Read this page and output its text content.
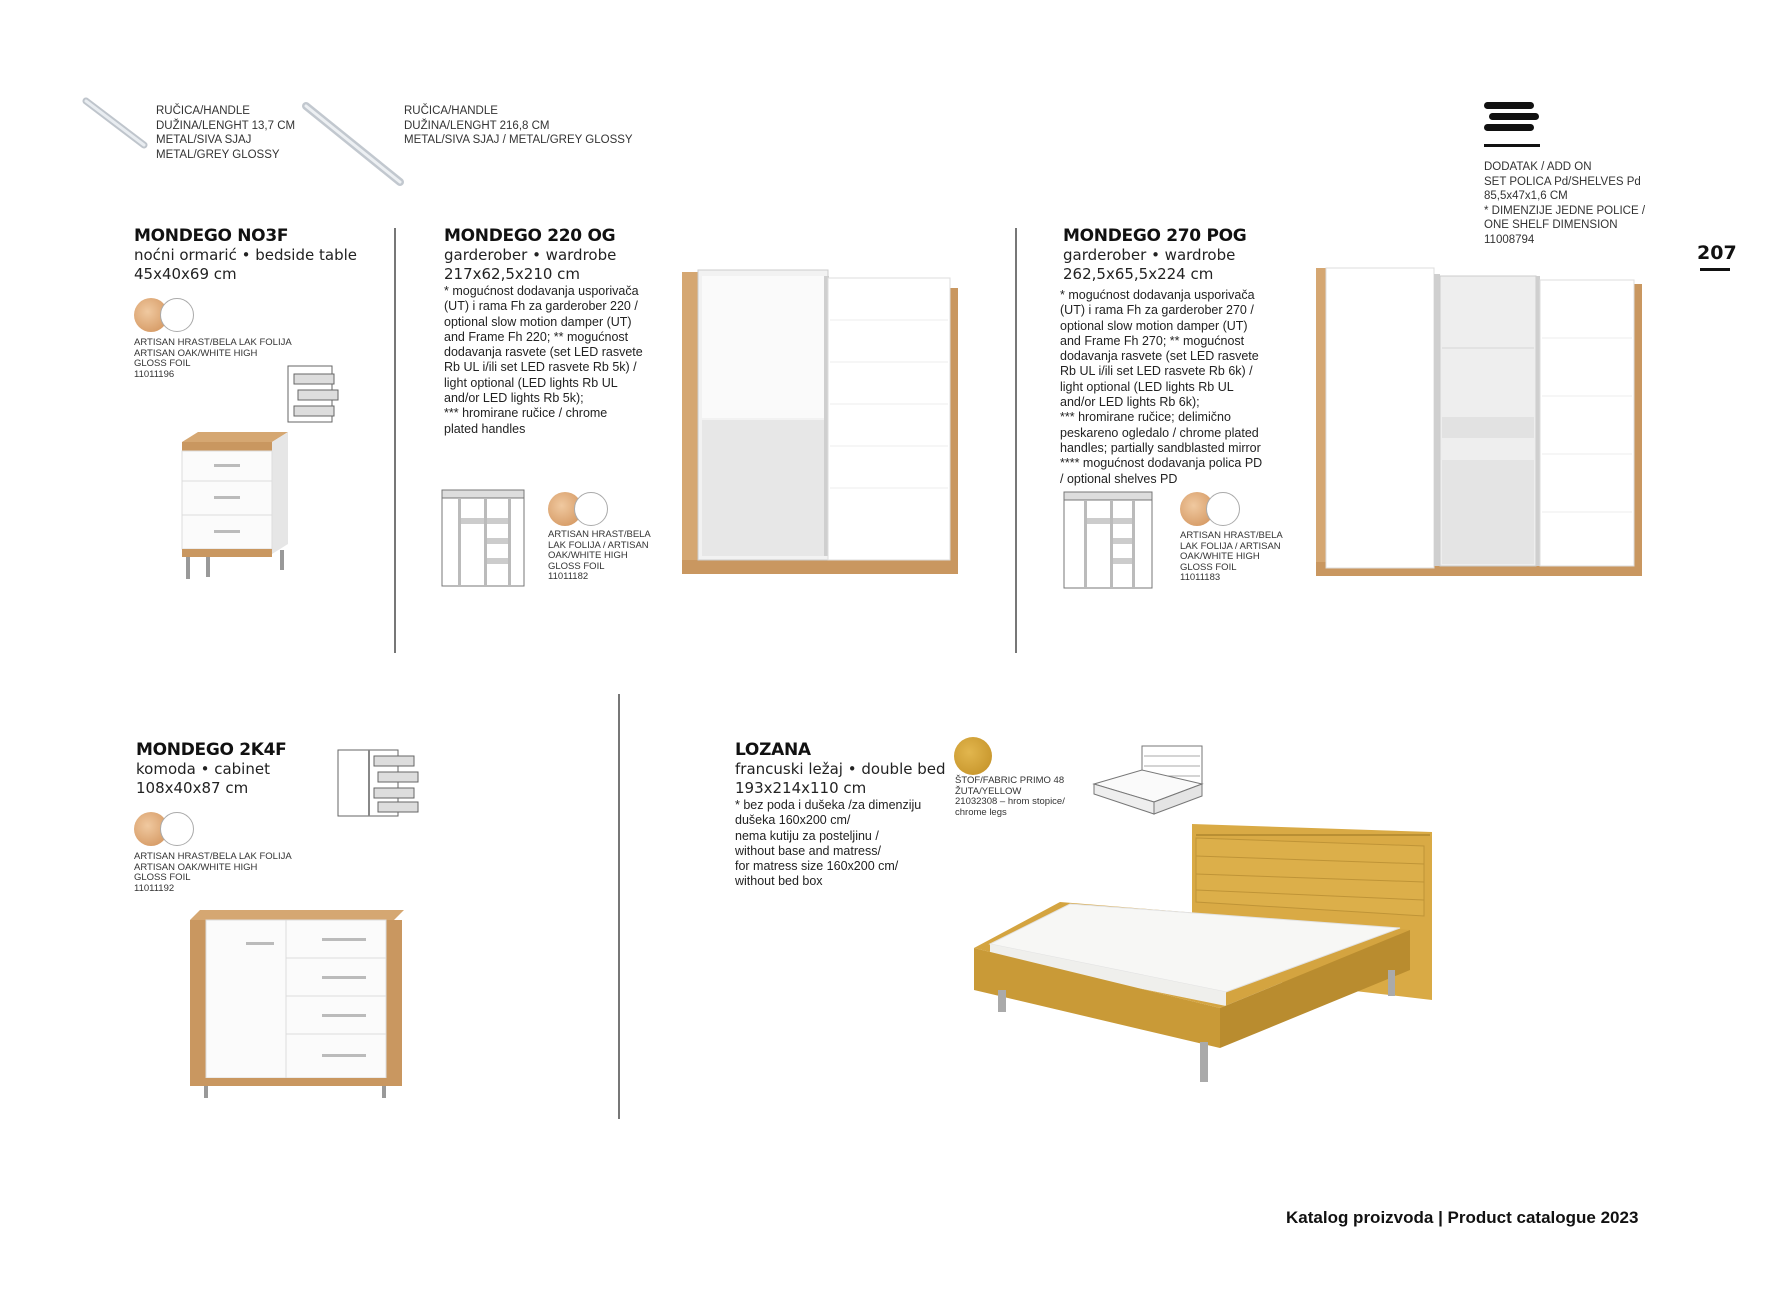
RUČICA/HANDLE
DUŽINA/LENGHT 13,7 CM
METAL/SIVA SJAJ
METAL/GREY GLOSSY
RUČICA/HANDLE
DUŽINA/LENGHT 216,8 CM
METAL/SIVA SJAJ / METAL/GREY GLOSSY
DODATAK / ADD ON
SET POLICA Pd/SHELVES Pd
85,5x47x1,6 CM
* DIMENZIJE JEDNE POLICE /
ONE SHELF DIMENSION
11008794
207
MONDEGO NO3F
noćni ormarić • bedside table
45x40x69 cm
ARTISAN HRAST/BELA LAK FOLIJA
ARTISAN OAK/WHITE HIGH
GLOSS FOIL
11011196
MONDEGO 220 OG
garderober • wardrobe
217x62,5x210 cm
* mogućnost dodavanja usporivača
(UT) i rama Fh za garderober 220 /
optional slow motion damper (UT)
and Frame Fh 220; ** mogućnost
dodavanja rasvete (set LED rasvete
Rb UL i/ili set LED rasvete Rb 5k) /
light optional (LED lights Rb UL
and/or LED lights Rb 5k);
*** hromirane ručice / chrome
plated handles
ARTISAN HRAST/BELA
LAK FOLIJA / ARTISAN
OAK/WHITE HIGH
GLOSS FOIL
11011182
MONDEGO 270 POG
garderober • wardrobe
262,5x65,5x224 cm
* mogućnost dodavanja usporivača
(UT) i rama Fh za garderober 270 /
optional slow motion damper (UT)
and Frame Fh 270; ** mogućnost
dodavanja rasvete (set LED rasvete
Rb UL i/ili set LED rasvete Rb 6k) /
light optional (LED lights Rb UL
and/or LED lights Rb 6k);
*** hromirane ručice; delimično
peskareno ogledalo / chrome plated
handles; partially sandblasted mirror
**** mogućnost dodavanja polica PD
/ optional shelves PD
ARTISAN HRAST/BELA
LAK FOLIJA / ARTISAN
OAK/WHITE HIGH
GLOSS FOIL
11011183
MONDEGO 2K4F
komoda • cabinet
108x40x87 cm
ARTISAN HRAST/BELA LAK FOLIJA
ARTISAN OAK/WHITE HIGH
GLOSS FOIL
11011192
LOZANA
francuski ležaj • double bed
193x214x110 cm
* bez poda i dušeka /za dimenziju
dušeka 160x200 cm/
nema kutiju za posteljinu /
without base and matress/
for matress size 160x200 cm/
without bed box
ŠTOF/FABRIC PRIMO 48
ŽUTA/YELLOW
21032308 – hrom stopice/
chrome legs
Katalog proizvoda | Product catalogue 2023
